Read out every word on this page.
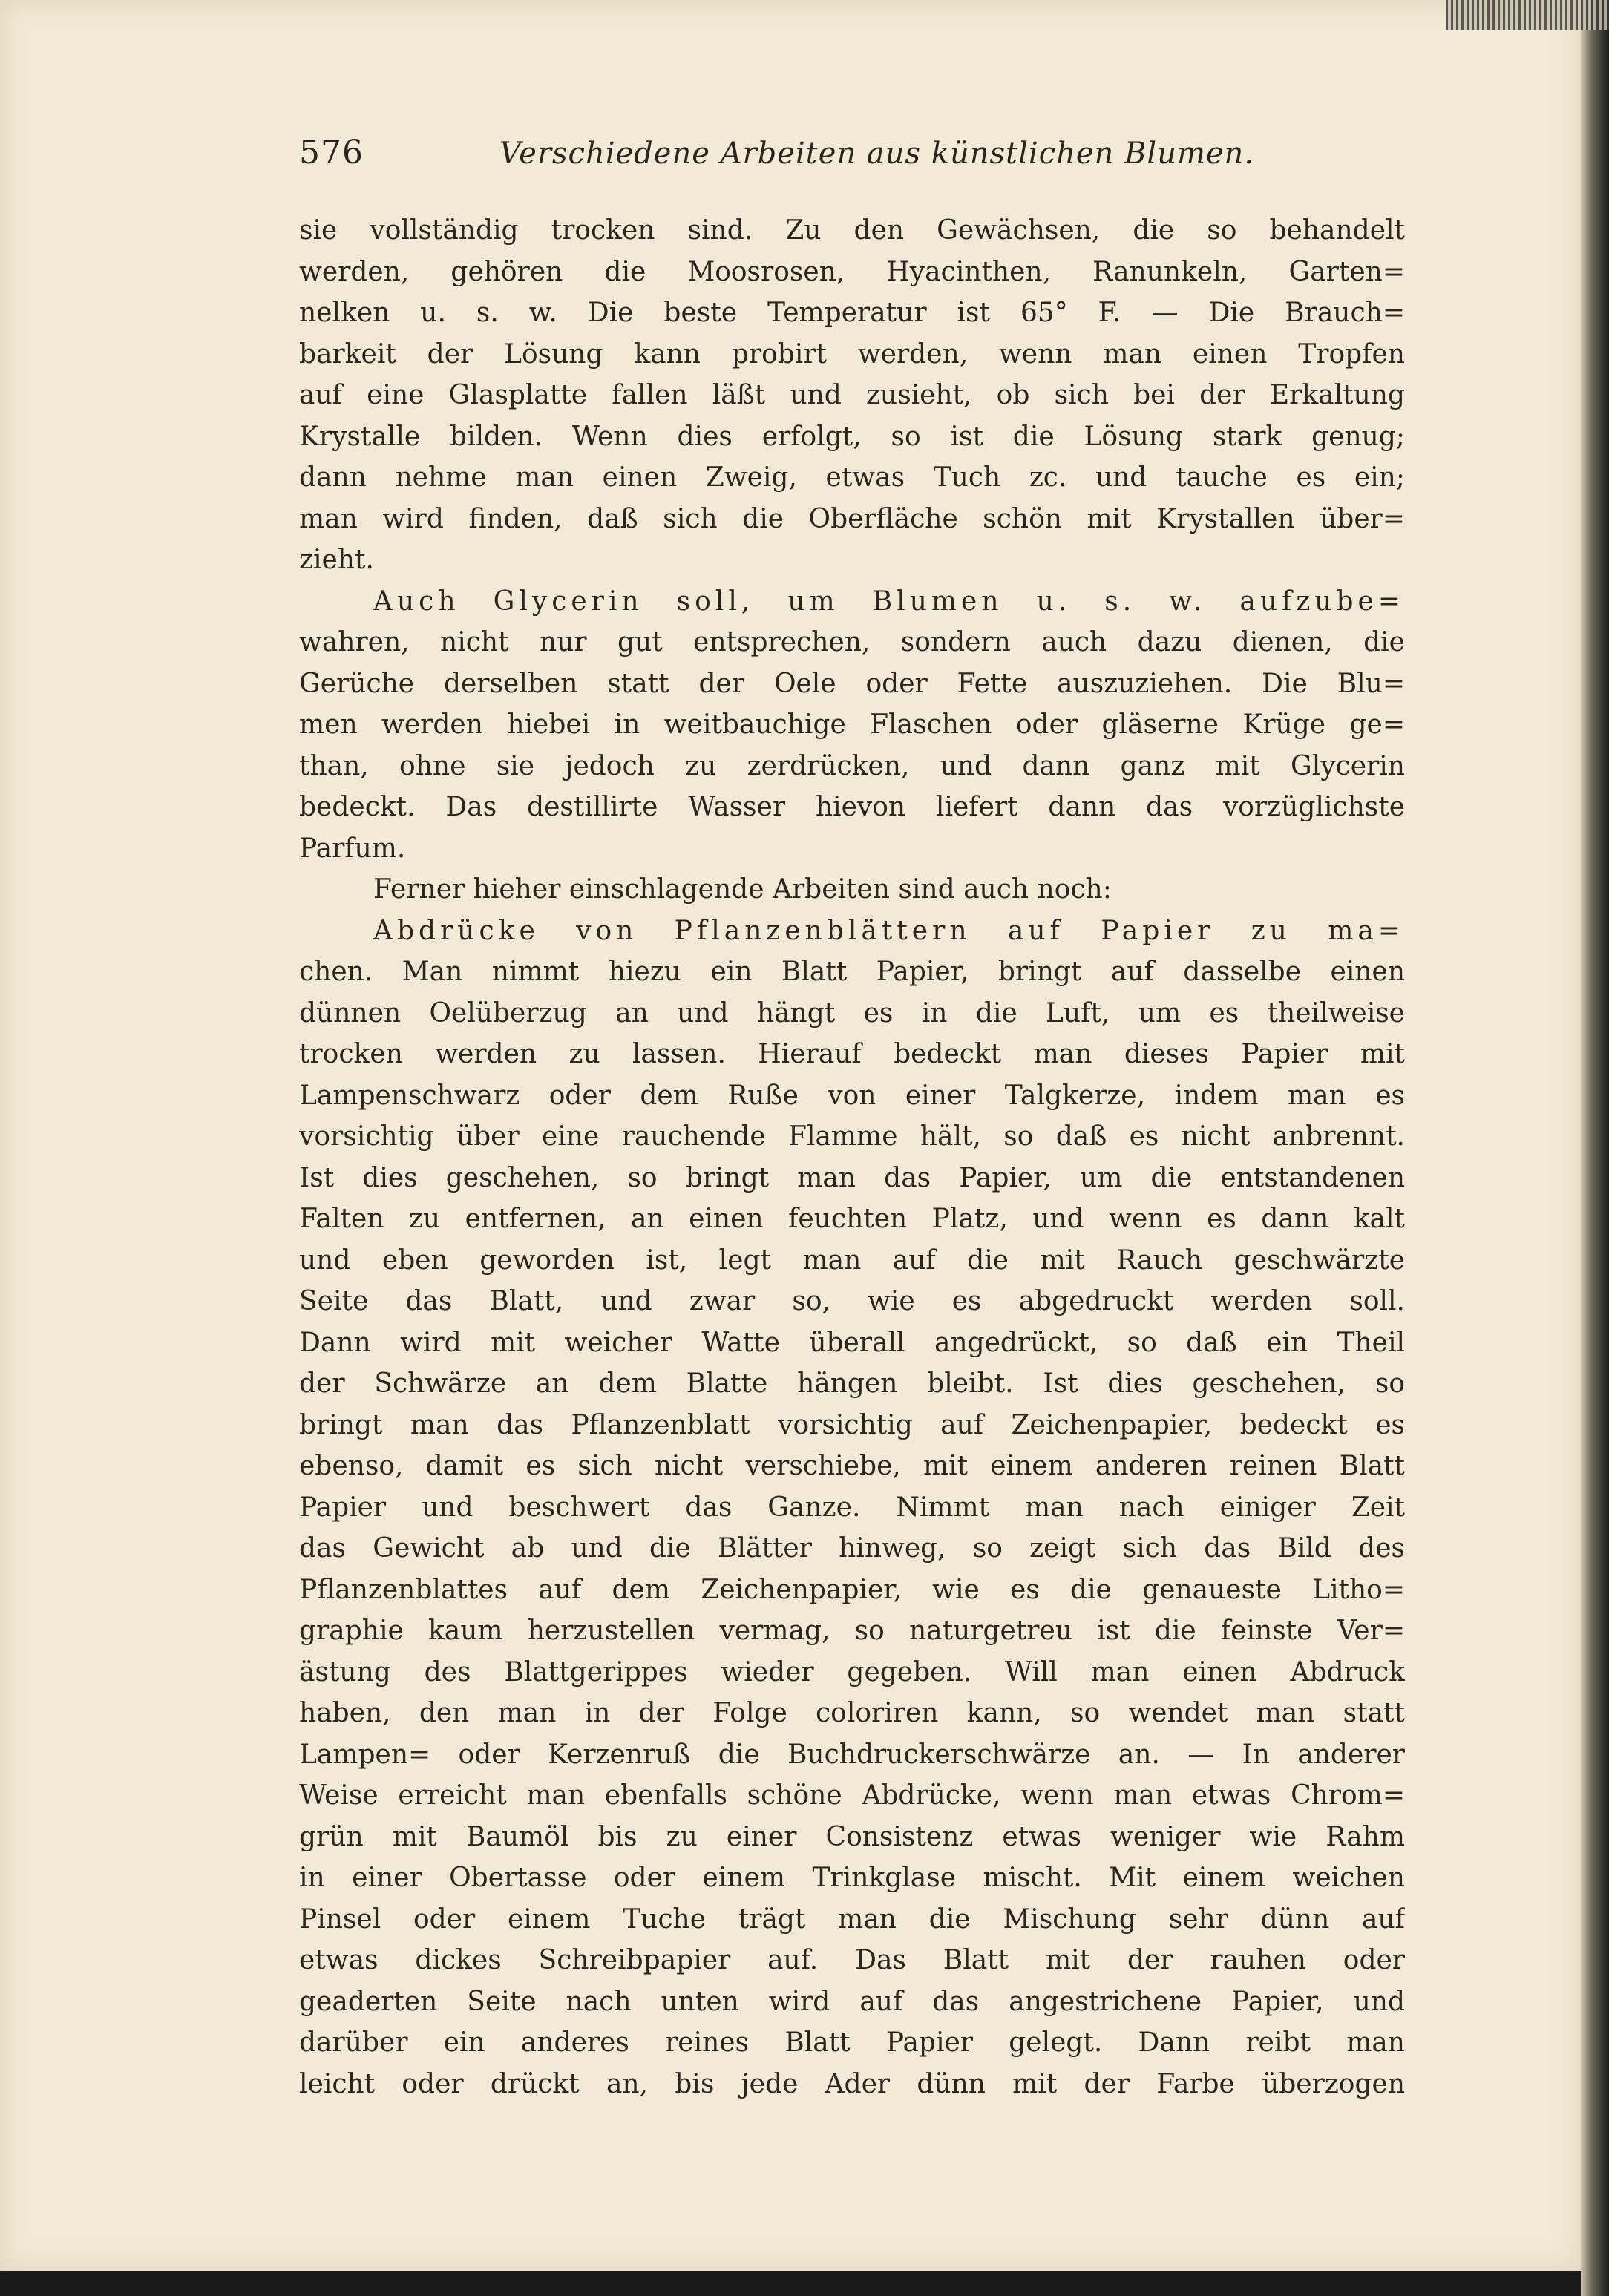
576	Verschiedene Arbeiten aus künstlichen Blumen.
sie vollständig trocken sind. Zu den Gewächsen, die so behandelt
werden, gehören die Moosrosen, Hyacinthen, Ranunkeln, Garten=
nelken u. s. w. Die beste Temperatur ist 65° F. — Die Brauch=
barkeit der Lösung kann probirt werden, wenn man einen Tropfen
auf eine Glasplatte fallen läßt und zusieht, ob sich bei der Erkaltung
Krystalle bilden. Wenn dies erfolgt, so ist die Lösung stark genug;
dann nehme man einen Zweig, etwas Tuch zc. und tauche es ein;
man wird finden, daß sich die Oberfläche schön mit Krystallen über=
zieht.
Auch Glycerin soll, um Blumen u. s. w. aufzube=
wahren, nicht nur gut entsprechen, sondern auch dazu dienen, die
Gerüche derselben statt der Oele oder Fette auszuziehen. Die Blu=
men werden hiebei in weitbauchige Flaschen oder gläserne Krüge ge=
than, ohne sie jedoch zu zerdrücken, und dann ganz mit Glycerin
bedeckt. Das destillirte Wasser hievon liefert dann das vorzüglichste
Parfum.
Ferner hieher einschlagende Arbeiten sind auch noch:
Abdrücke von Pflanzenblättern auf Papier zu ma=
chen. Man nimmt hiezu ein Blatt Papier, bringt auf dasselbe einen
dünnen Oelüberzug an und hängt es in die Luft, um es theilweise
trocken werden zu lassen. Hierauf bedeckt man dieses Papier mit
Lampenschwarz oder dem Ruße von einer Talgkerze, indem man es
vorsichtig über eine rauchende Flamme hält, so daß es nicht anbrennt.
Ist dies geschehen, so bringt man das Papier, um die entstandenen
Falten zu entfernen, an einen feuchten Platz, und wenn es dann kalt
und eben geworden ist, legt man auf die mit Rauch geschwärzte
Seite das Blatt, und zwar so, wie es abgedruckt werden soll.
Dann wird mit weicher Watte überall angedrückt, so daß ein Theil
der Schwärze an dem Blatte hängen bleibt. Ist dies geschehen, so
bringt man das Pflanzenblatt vorsichtig auf Zeichenpapier, bedeckt es
ebenso, damit es sich nicht verschiebe, mit einem anderen reinen Blatt
Papier und beschwert das Ganze. Nimmt man nach einiger Zeit
das Gewicht ab und die Blätter hinweg, so zeigt sich das Bild des
Pflanzenblattes auf dem Zeichenpapier, wie es die genaueste Litho=
graphie kaum herzustellen vermag, so naturgetreu ist die feinste Ver=
ästung des Blattgerippes wieder gegeben. Will man einen Abdruck
haben, den man in der Folge coloriren kann, so wendet man statt
Lampen= oder Kerzenruß die Buchdruckerschwärze an. — In anderer
Weise erreicht man ebenfalls schöne Abdrücke, wenn man etwas Chrom=
grün mit Baumöl bis zu einer Consistenz etwas weniger wie Rahm
in einer Obertasse oder einem Trinkglase mischt. Mit einem weichen
Pinsel oder einem Tuche trägt man die Mischung sehr dünn auf
etwas dickes Schreibpapier auf. Das Blatt mit der rauhen oder
geaderten Seite nach unten wird auf das angestrichene Papier, und
darüber ein anderes reines Blatt Papier gelegt. Dann reibt man
leicht oder drückt an, bis jede Ader dünn mit der Farbe überzogen
